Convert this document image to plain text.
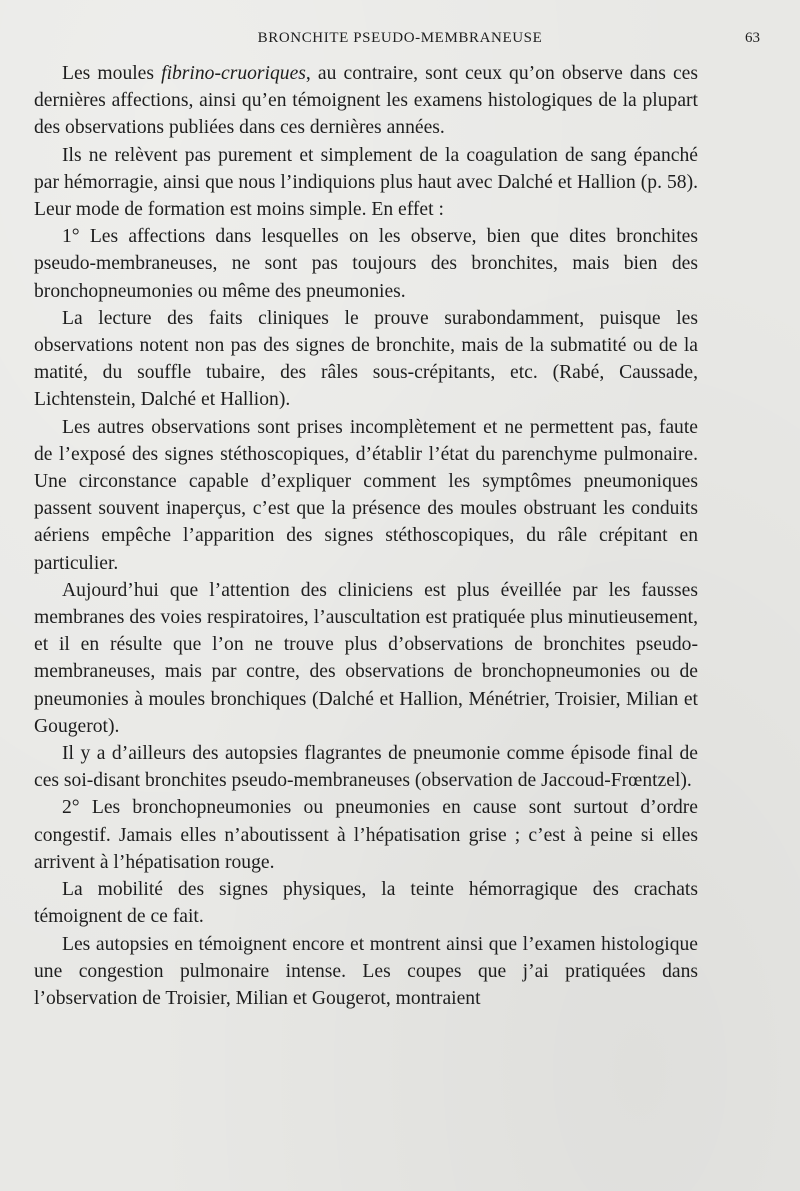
BRONCHITE PSEUDO-MEMBRANEUSE	63

Les moules fibrino-cruoriques, au contraire, sont ceux qu’on observe dans ces dernières affections, ainsi qu’en témoignent les examens histologiques de la plupart des observations publiées dans ces dernières années.

Ils ne relèvent pas purement et simplement de la coagulation de sang épanché par hémorragie, ainsi que nous l’indiquions plus haut avec Dalché et Hallion (p. 58). Leur mode de formation est moins simple. En effet :

1° Les affections dans lesquelles on les observe, bien que dites bronchites pseudo-membraneuses, ne sont pas toujours des bronchites, mais bien des bronchopneumonies ou même des pneumonies.

La lecture des faits cliniques le prouve surabondamment, puisque les observations notent non pas des signes de bronchite, mais de la submatité ou de la matité, du souffle tubaire, des râles sous-crépitants, etc. (Rabé, Caussade, Lichtenstein, Dalché et Hallion).

Les autres observations sont prises incomplètement et ne permettent pas, faute de l’exposé des signes stéthoscopiques, d’établir l’état du parenchyme pulmonaire. Une circonstance capable d’expliquer comment les symptômes pneumoniques passent souvent inaperçus, c’est que la présence des moules obstruant les conduits aériens empêche l’apparition des signes stéthoscopiques, du râle crépitant en particulier.

Aujourd’hui que l’attention des cliniciens est plus éveillée par les fausses membranes des voies respiratoires, l’auscultation est pratiquée plus minutieusement, et il en résulte que l’on ne trouve plus d’observations de bronchites pseudo-membraneuses, mais par contre, des observations de bronchopneumonies ou de pneumonies à moules bronchiques (Dalché et Hallion, Ménétrier, Troisier, Milian et Gougerot).

Il y a d’ailleurs des autopsies flagrantes de pneumonie comme épisode final de ces soi-disant bronchites pseudo-membraneuses (observation de Jaccoud-Frœntzel).

2° Les bronchopneumonies ou pneumonies en cause sont surtout d’ordre congestif. Jamais elles n’aboutissent à l’hépatisation grise ; c’est à peine si elles arrivent à l’hépatisation rouge.

La mobilité des signes physiques, la teinte hémorragique des crachats témoignent de ce fait.

Les autopsies en témoignent encore et montrent ainsi que l’examen histologique une congestion pulmonaire intense. Les coupes que j’ai pratiquées dans l’observation de Troisier, Milian et Gougerot, montraient
